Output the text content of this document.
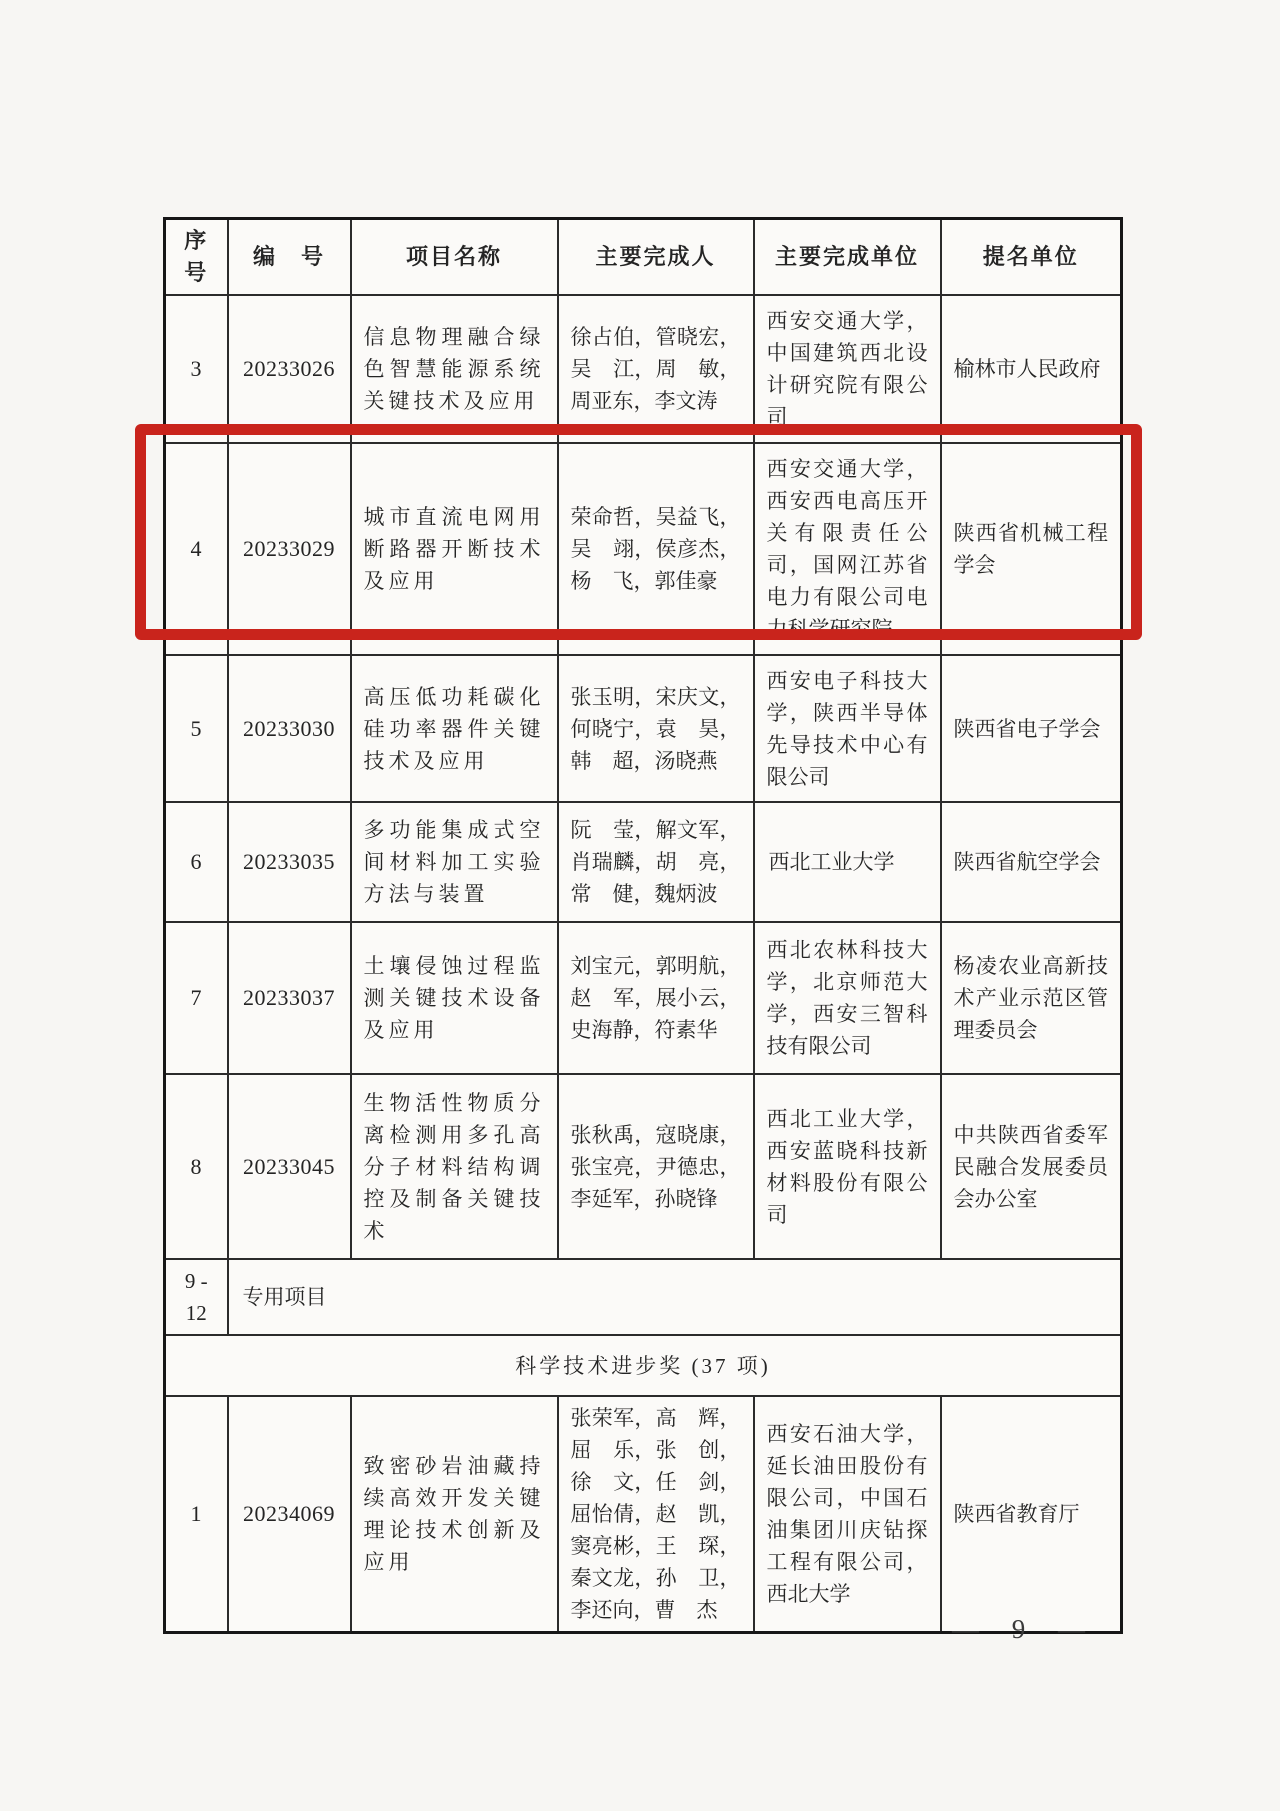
序号	编　号	项目名称	主要完成人	主要完成单位	提名单位
3	20233026	信息物理融合绿色智慧能源系统关键技术及应用	徐占伯，管晓宏，吴　江，周　敏，周亚东，李文涛	西安交通大学，中国建筑西北设计研究院有限公司	榆林市人民政府
4	20233029	城市直流电网用断路器开断技术及应用	荣命哲，吴益飞，吴　翊，侯彦杰，杨　飞，郭佳豪	西安交通大学，西安西电高压开关有限责任公司，国网江苏省电力有限公司电力科学研究院	陕西省机械工程学会
5	20233030	高压低功耗碳化硅功率器件关键技术及应用	张玉明，宋庆文，何晓宁，袁　昊，韩　超，汤晓燕	西安电子科技大学，陕西半导体先导技术中心有限公司	陕西省电子学会
6	20233035	多功能集成式空间材料加工实验方法与装置	阮　莹，解文军，肖瑞麟，胡　亮，常　健，魏炳波	西北工业大学	陕西省航空学会
7	20233037	土壤侵蚀过程监测关键技术设备及应用	刘宝元，郭明航，赵　军，展小云，史海静，符素华	西北农林科技大学，北京师范大学，西安三智科技有限公司	杨凌农业高新技术产业示范区管理委员会
8	20233045	生物活性物质分离检测用多孔高分子材料结构调控及制备关键技术	张秋禹，寇晓康，张宝亮，尹德忠，李延军，孙晓锋	西北工业大学，西安蓝晓科技新材料股份有限公司	中共陕西省委军民融合发展委员会办公室
9 - 12	专用项目				
科学技术进步奖 (37 项)					
1	20234069	致密砂岩油藏持续高效开发关键理论技术创新及应用	张荣军，高　辉，屈　乐，张　创，徐　文，任　剑，屈怡倩，赵　凯，窦亮彬，王　琛，秦文龙，孙　卫，李还向，曹　杰	西安石油大学，延长油田股份有限公司，中国石油集团川庆钻探工程有限公司，西北大学	陕西省教育厅
— 9 —
